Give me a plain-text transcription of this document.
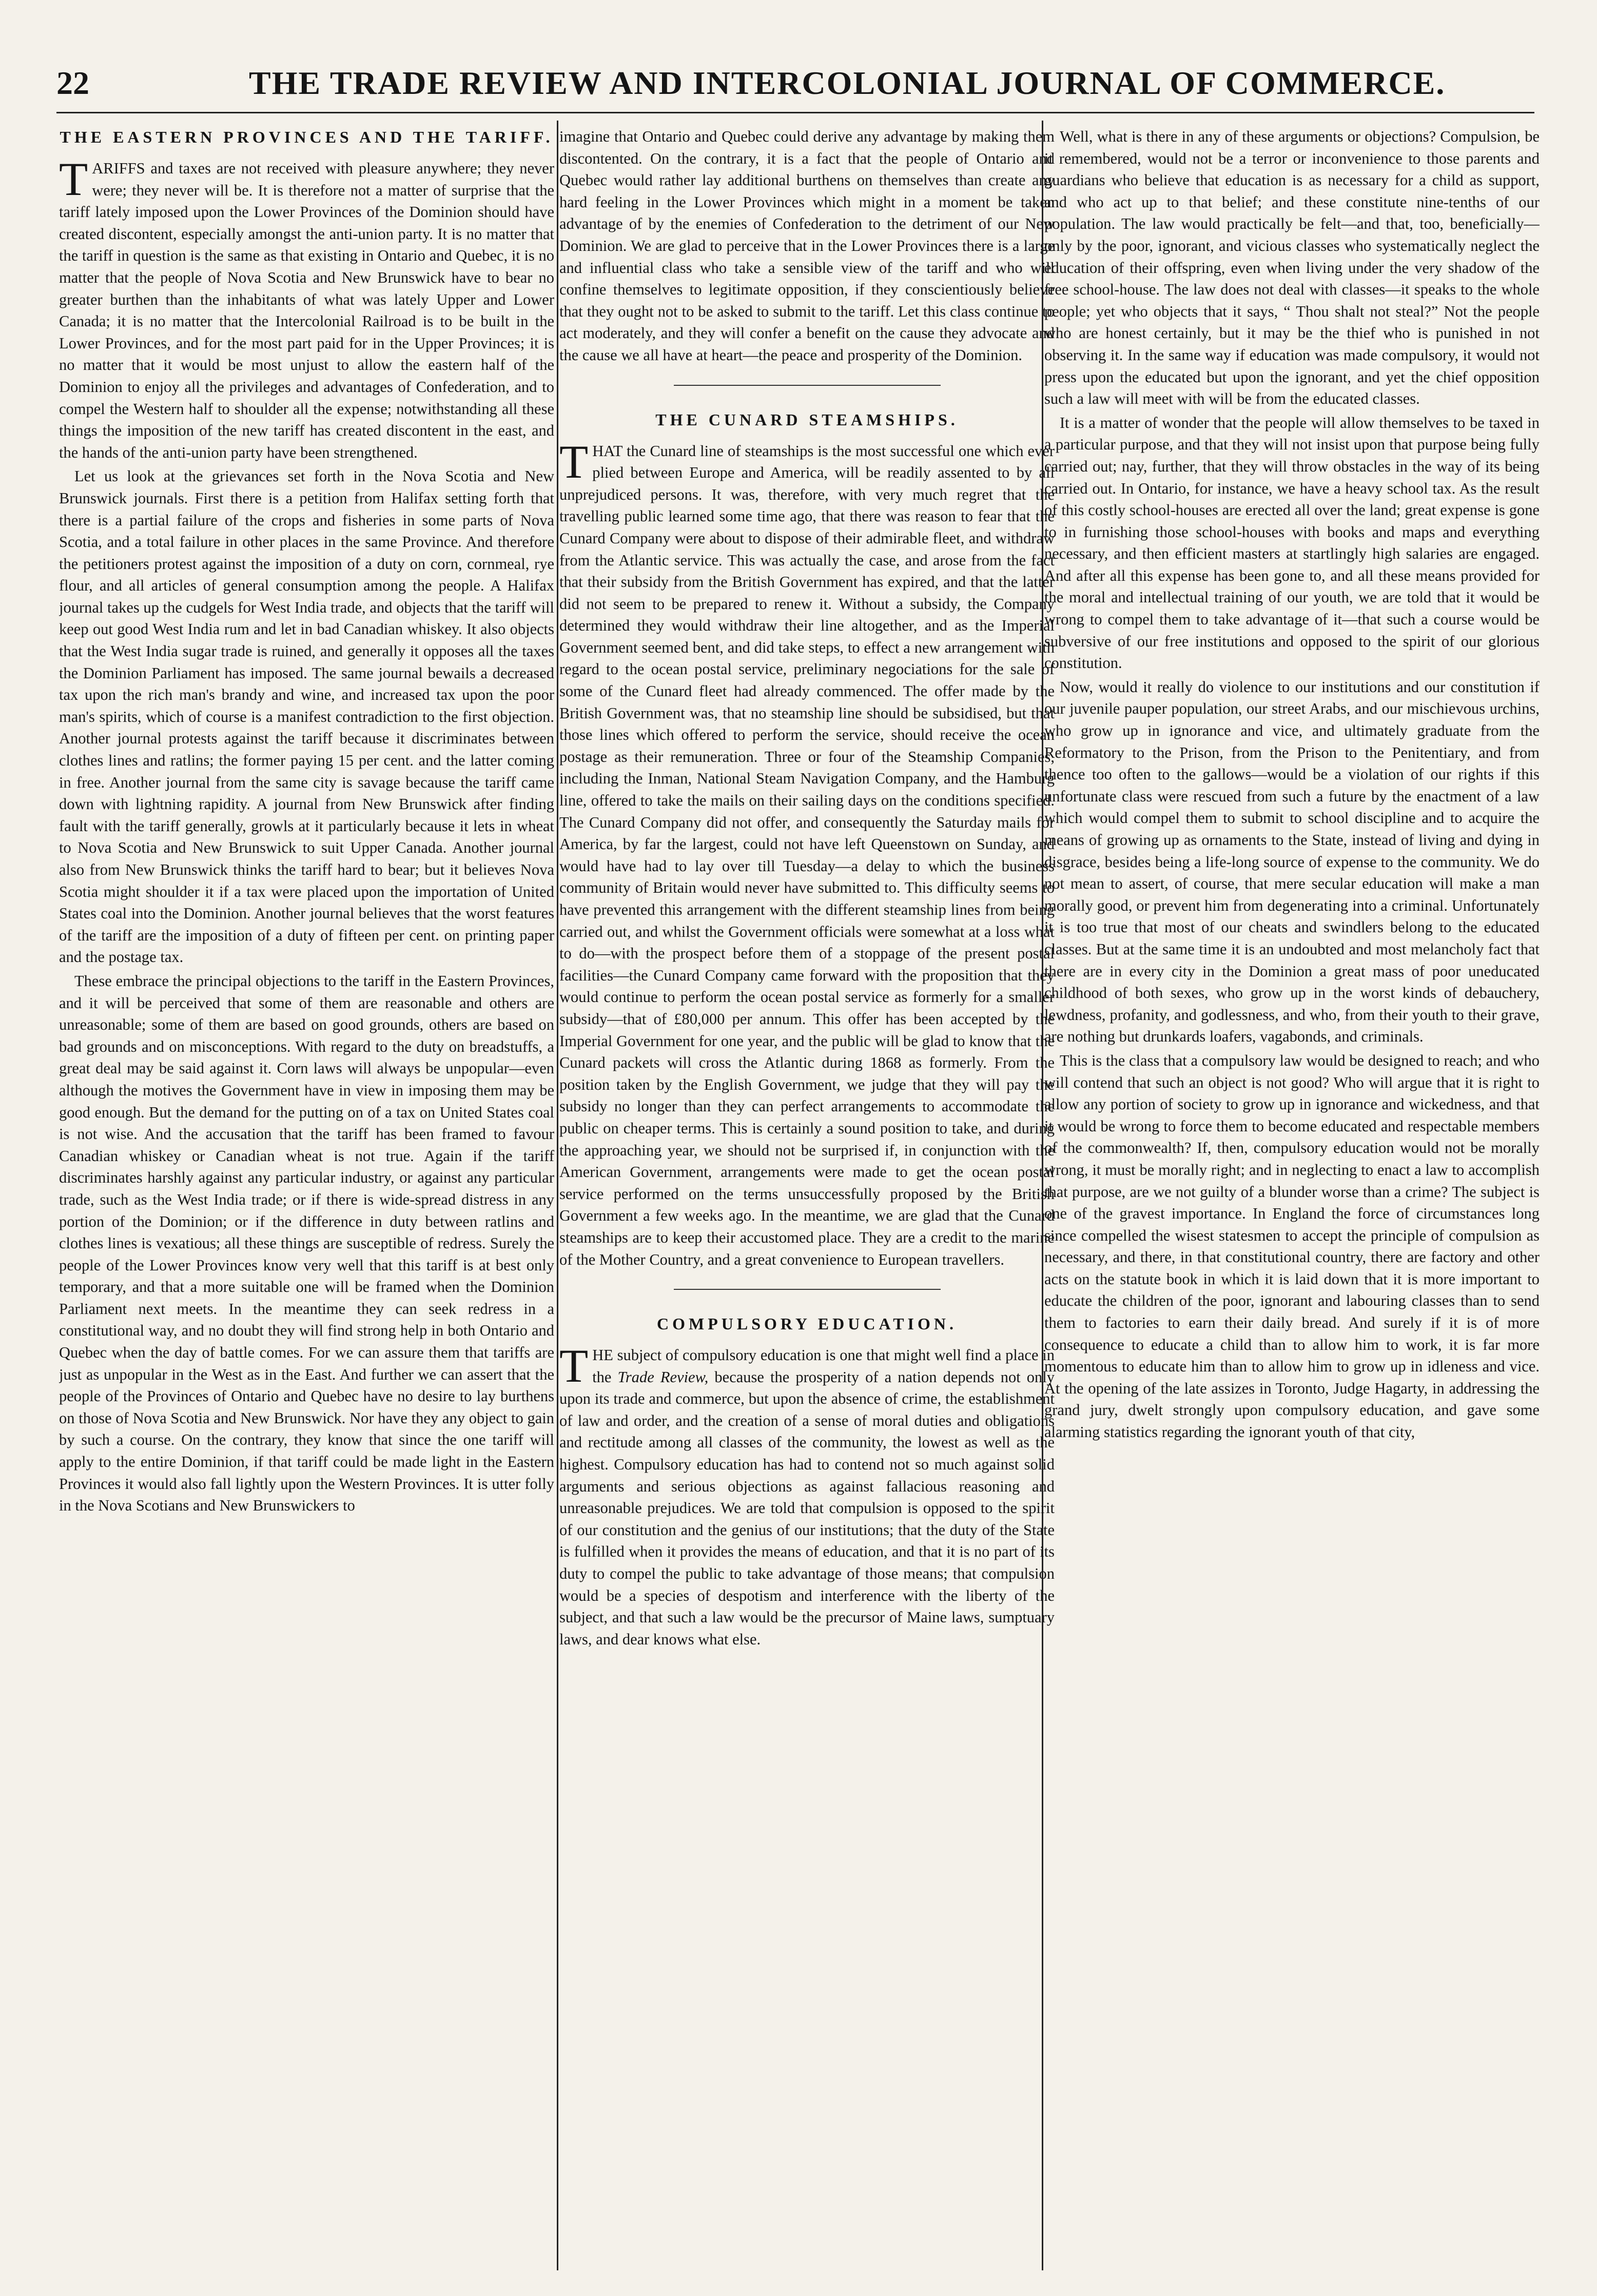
22	THE TRADE REVIEW AND INTERCOLONIAL JOURNAL OF COMMERCE.
THE EASTERN PROVINCES AND THE TARIFF.

TARIFFS and taxes are not received with pleasure anywhere; they never were; they never will be. It is therefore not a matter of surprise that the tariff lately imposed upon the Lower Provinces of the Dominion should have created discontent, especially amongst the anti-union party. It is no matter that the tariff in question is the same as that existing in Ontario and Quebec, it is no matter that the people of Nova Scotia and New Brunswick have to bear no greater burthen than the inhabitants of what was lately Upper and Lower Canada; it is no matter that the Intercolonial Railroad is to be built in the Lower Provinces, and for the most part paid for in the Upper Provinces; it is no matter that it would be most unjust to allow the eastern half of the Dominion to enjoy all the privileges and advantages of Confederation, and to compel the Western half to shoulder all the expense; notwithstanding all these things the imposition of the new tariff has created discontent in the east, and the hands of the anti-union party have been strengthened.

Let us look at the grievances set forth in the Nova Scotia and New Brunswick journals. First there is a petition from Halifax setting forth that there is a partial failure of the crops and fisheries in some parts of Nova Scotia, and a total failure in other places in the same Province. And therefore the petitioners protest against the imposition of a duty on corn, cornmeal, rye flour, and all articles of general consumption among the people. A Halifax journal takes up the cudgels for West India trade, and objects that the tariff will keep out good West India rum and let in bad Canadian whiskey. It also objects that the West India sugar trade is ruined, and generally it opposes all the taxes the Dominion Parliament has imposed. The same journal bewails a decreased tax upon the rich man's brandy and wine, and increased tax upon the poor man's spirits, which of course is a manifest contradiction to the first objection. Another journal protests against the tariff because it discriminates between clothes lines and ratlins; the former paying 15 per cent. and the latter coming in free. Another journal from the same city is savage because the tariff came down with lightning rapidity. A journal from New Brunswick after finding fault with the tariff generally, growls at it particularly because it lets in wheat to Nova Scotia and New Brunswick to suit Upper Canada. Another journal also from New Brunswick thinks the tariff hard to bear; but it believes Nova Scotia might shoulder it if a tax were placed upon the importation of United States coal into the Dominion. Another journal believes that the worst features of the tariff are the imposition of a duty of fifteen per cent. on printing paper and the postage tax.

These embrace the principal objections to the tariff in the Eastern Provinces, and it will be perceived that some of them are reasonable and others are unreasonable; some of them are based on good grounds, others are based on bad grounds and on misconceptions. With regard to the duty on breadstuffs, a great deal may be said against it. Corn laws will always be unpopular—even although the motives the Government have in view in imposing them may be good enough. But the demand for the putting on of a tax on United States coal is not wise. And the accusation that the tariff has been framed to favour Canadian whiskey or Canadian wheat is not true. Again if the tariff discriminates harshly against any particular industry, or against any particular trade, such as the West India trade; or if there is wide-spread distress in any portion of the Dominion; or if the difference in duty between ratlins and clothes lines is vexatious; all these things are susceptible of redress. Surely the people of the Lower Provinces know very well that this tariff is at best only temporary, and that a more suitable one will be framed when the Dominion Parliament next meets. In the meantime they can seek redress in a constitutional way, and no doubt they will find strong help in both Ontario and Quebec when the day of battle comes. For we can assure them that tariffs are just as unpopular in the West as in the East. And further we can assert that the people of the Provinces of Ontario and Quebec have no desire to lay burthens on those of Nova Scotia and New Brunswick. Nor have they any object to gain by such a course. On the contrary, they know that since the one tariff will apply to the entire Dominion, if that tariff could be made light in the Eastern Provinces it would also fall lightly upon the Western Provinces. It is utter folly in the Nova Scotians and New Brunswickers to

imagine that Ontario and Quebec could derive any advantage by making them discontented. On the contrary, it is a fact that the people of Ontario and Quebec would rather lay additional burthens on themselves than create any hard feeling in the Lower Provinces which might in a moment be taken advantage of by the enemies of Confederation to the detriment of our New Dominion. We are glad to perceive that in the Lower Provinces there is a large and influential class who take a sensible view of the tariff and who will confine themselves to legitimate opposition, if they conscientiously believe that they ought not to be asked to submit to the tariff. Let this class continue to act moderately, and they will confer a benefit on the cause they advocate and the cause we all have at heart—the peace and prosperity of the Dominion.

THE CUNARD STEAMSHIPS.

THAT the Cunard line of steamships is the most successful one which ever plied between Europe and America, will be readily assented to by all unprejudiced persons. It was, therefore, with very much regret that the travelling public learned some time ago, that there was reason to fear that the Cunard Company were about to dispose of their admirable fleet, and withdraw from the Atlantic service. This was actually the case, and arose from the fact that their subsidy from the British Government has expired, and that the latter did not seem to be prepared to renew it. Without a subsidy, the Company determined they would withdraw their line altogether, and as the Imperial Government seemed bent, and did take steps, to effect a new arrangement with regard to the ocean postal service, preliminary negociations for the sale of some of the Cunard fleet had already commenced. The offer made by the British Government was, that no steamship line should be subsidised, but that those lines which offered to perform the service, should receive the ocean postage as their remuneration. Three or four of the Steamship Companies, including the Inman, National Steam Navigation Company, and the Hamburg line, offered to take the mails on their sailing days on the conditions specified. The Cunard Company did not offer, and consequently the Saturday mails for America, by far the largest, could not have left Queenstown on Sunday, and would have had to lay over till Tuesday—a delay to which the business community of Britain would never have submitted to. This difficulty seems to have prevented this arrangement with the different steamship lines from being carried out, and whilst the Government officials were somewhat at a loss what to do—with the prospect before them of a stoppage of the present postal facilities—the Cunard Company came forward with the proposition that they would continue to perform the ocean postal service as formerly for a smaller subsidy—that of £80,000 per annum. This offer has been accepted by the Imperial Government for one year, and the public will be glad to know that the Cunard packets will cross the Atlantic during 1868 as formerly. From the position taken by the English Government, we judge that they will pay the subsidy no longer than they can perfect arrangements to accommodate the public on cheaper terms. This is certainly a sound position to take, and during the approaching year, we should not be surprised if, in conjunction with the American Government, arrangements were made to get the ocean postal service performed on the terms unsuccessfully proposed by the British Government a few weeks ago. In the meantime, we are glad that the Cunard steamships are to keep their accustomed place. They are a credit to the marine of the Mother Country, and a great convenience to European travellers.

COMPULSORY EDUCATION.

THE subject of compulsory education is one that might well find a place in the Trade Review, because the prosperity of a nation depends not only upon its trade and commerce, but upon the absence of crime, the establishment of law and order, and the creation of a sense of moral duties and obligations and rectitude among all classes of the community, the lowest as well as the highest. Compulsory education has had to contend not so much against solid arguments and serious objections as against fallacious reasoning and unreasonable prejudices. We are told that compulsion is opposed to the spirit of our constitution and the genius of our institutions; that the duty of the State is fulfilled when it provides the means of education, and that it is no part of its duty to compel the public to take advantage of those means; that compulsion would be a species of despotism and interference with the liberty of the subject, and that such a law would be the precursor of Maine laws, sumptuary laws, and dear knows what else.

Well, what is there in any of these arguments or objections? Compulsion, be it remembered, would not be a terror or inconvenience to those parents and guardians who believe that education is as necessary for a child as support, and who act up to that belief; and these constitute nine-tenths of our population. The law would practically be felt—and that, too, beneficially—only by the poor, ignorant, and vicious classes who systematically neglect the education of their offspring, even when living under the very shadow of the free school-house. The law does not deal with classes—it speaks to the whole people; yet who objects that it says, “ Thou shalt not steal?” Not the people who are honest certainly, but it may be the thief who is punished in not observing it. In the same way if education was made compulsory, it would not press upon the educated but upon the ignorant, and yet the chief opposition such a law will meet with will be from the educated classes.

It is a matter of wonder that the people will allow themselves to be taxed in a particular purpose, and that they will not insist upon that purpose being fully carried out; nay, further, that they will throw obstacles in the way of its being carried out. In Ontario, for instance, we have a heavy school tax. As the result of this costly school-houses are erected all over the land; great expense is gone to in furnishing those school-houses with books and maps and everything necessary, and then efficient masters at startlingly high salaries are engaged. And after all this expense has been gone to, and all these means provided for the moral and intellectual training of our youth, we are told that it would be wrong to compel them to take advantage of it—that such a course would be subversive of our free institutions and opposed to the spirit of our glorious constitution.

Now, would it really do violence to our institutions and our constitution if our juvenile pauper population, our street Arabs, and our mischievous urchins, who grow up in ignorance and vice, and ultimately graduate from the Reformatory to the Prison, from the Prison to the Penitentiary, and from thence too often to the gallows—would be a violation of our rights if this unfortunate class were rescued from such a future by the enactment of a law which would compel them to submit to school discipline and to acquire the means of growing up as ornaments to the State, instead of living and dying in disgrace, besides being a life-long source of expense to the community. We do not mean to assert, of course, that mere secular education will make a man morally good, or prevent him from degenerating into a criminal. Unfortunately it is too true that most of our cheats and swindlers belong to the educated classes. But at the same time it is an undoubted and most melancholy fact that there are in every city in the Dominion a great mass of poor uneducated childhood of both sexes, who grow up in the worst kinds of debauchery, lewdness, profanity, and godlessness, and who, from their youth to their grave, are nothing but drunkards loafers, vagabonds, and criminals.

This is the class that a compulsory law would be designed to reach; and who will contend that such an object is not good? Who will argue that it is right to allow any portion of society to grow up in ignorance and wickedness, and that it would be wrong to force them to become educated and respectable members of the commonwealth? If, then, compulsory education would not be morally wrong, it must be morally right; and in neglecting to enact a law to accomplish that purpose, are we not guilty of a blunder worse than a crime? The subject is one of the gravest importance. In England the force of circumstances long since compelled the wisest statesmen to accept the principle of compulsion as necessary, and there, in that constitutional country, there are factory and other acts on the statute book in which it is laid down that it is more important to educate the children of the poor, ignorant and labouring classes than to send them to factories to earn their daily bread. And surely if it is of more consequence to educate a child than to allow him to work, it is far more momentous to educate him than to allow him to grow up in idleness and vice. At the opening of the late assizes in Toronto, Judge Hagarty, in addressing the grand jury, dwelt strongly upon compulsory education, and gave some alarming statistics regarding the ignorant youth of that city,
